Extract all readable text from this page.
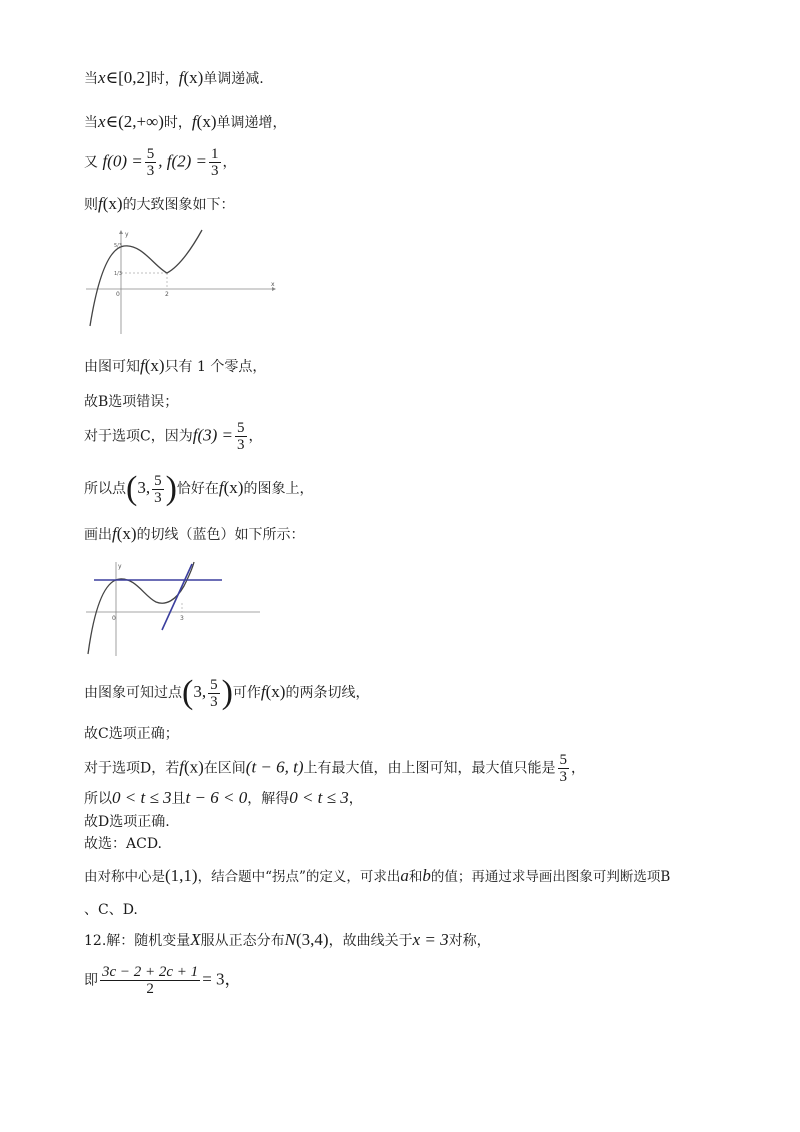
当x∈[0,2]时，f(x)单调递减.
当x∈(2,+∞)时，f(x)单调递增，
又 $f(0) = \frac{5}{3}$ , $f(2) = \frac{1}{3}$ ，
则f(x)的大致图象如下：
y
x
0	2
5/3
1/3
由图可知f(x)只有 1 个零点，
故B选项错误；
对于选项C，因为$f(3) = \frac{5}{3}$ ，
所以点(3, $\frac{5}{3}$ )恰好在f(x)的图象上，
画出f(x)的切线（蓝色）如下所示：
y
0	3
由图象可知过点(3, $\frac{5}{3}$ )可作f(x)的两条切线，
故C选项正确；
对于选项D，若f(x)在区间(t − 6, t)上有最大值，由上图可知，最大值只能是 $\frac{5}{3}$ ，
所以0 < t ≤ 3且t − 6 < 0，解得0 < t ≤ 3，
故D选项正确.
故选：ACD.
由对称中心是(1,1)，结合题中“拐点”的定义，可求出a和b的值；再通过求导画出图象可判断选项B
、C、D.
12.解：随机变量X服从正态分布N(3,4)，故曲线关于x = 3对称，
即 $\frac{3c - 2 + 2c + 1}{2} = 3$，
